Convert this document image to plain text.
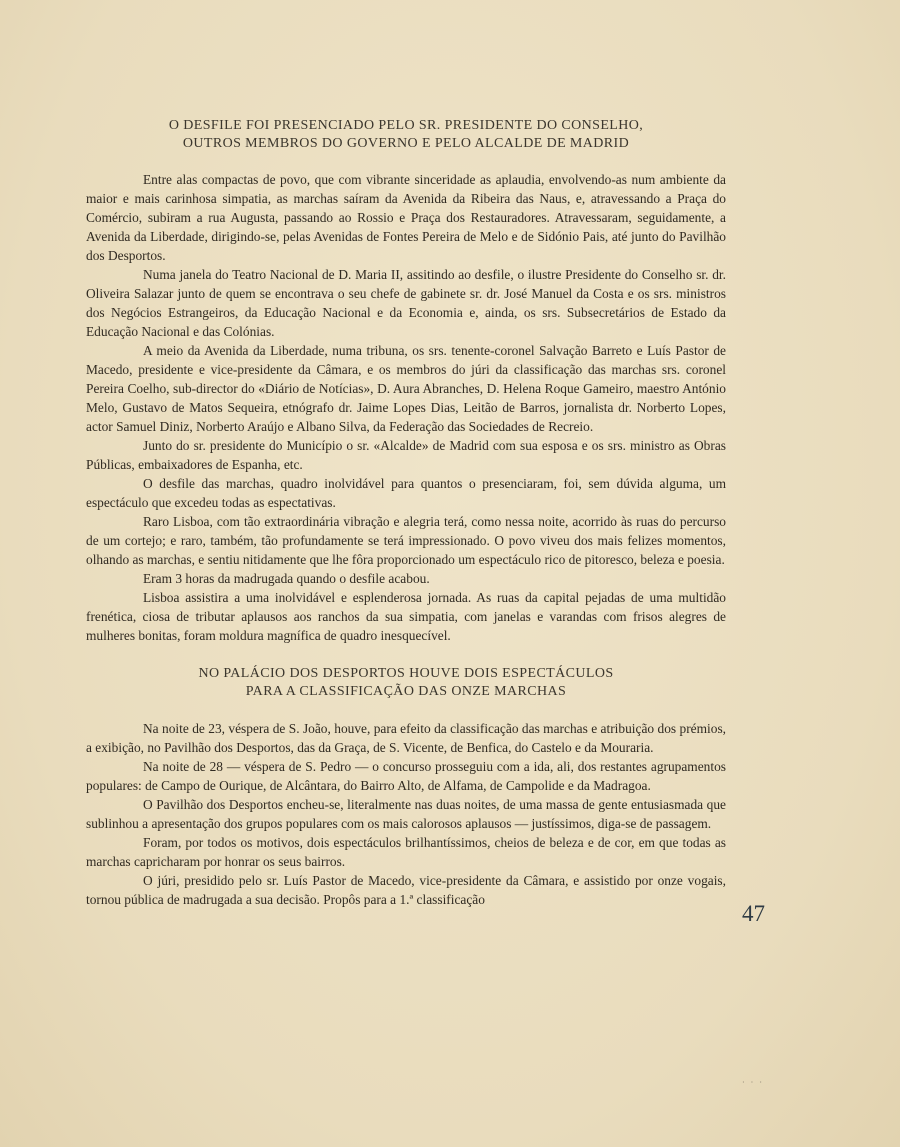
O DESFILE FOI PRESENCIADO PELO SR. PRESIDENTE DO CONSELHO,
OUTROS MEMBROS DO GOVERNO E PELO ALCALDE DE MADRID

Entre alas compactas de povo, que com vibrante sinceridade as aplaudia, envolvendo-as num ambiente da maior e mais carinhosa simpatia, as marchas saíram da Avenida da Ribeira das Naus, e, atravessando a Praça do Comércio, subiram a rua Augusta, passando ao Rossio e Praça dos Restauradores. Atravessaram, seguidamente, a Avenida da Liberdade, dirigindo-se, pelas Avenidas de Fontes Pereira de Melo e de Sidónio Pais, até junto do Pavilhão dos Desportos.

Numa janela do Teatro Nacional de D. Maria II, assitindo ao desfile, o ilustre Presidente do Conselho sr. dr. Oliveira Salazar junto de quem se encontrava o seu chefe de gabinete sr. dr. José Manuel da Costa e os srs. ministros dos Negócios Estrangeiros, da Educação Nacional e da Economia e, ainda, os srs. Subsecretários de Estado da Educação Nacional e das Colónias.

A meio da Avenida da Liberdade, numa tribuna, os srs. tenente-coronel Salvação Barreto e Luís Pastor de Macedo, presidente e vice-presidente da Câmara, e os membros do júri da classificação das marchas srs. coronel Pereira Coelho, sub-director do «Diário de Notícias», D. Aura Abranches, D. Helena Roque Gameiro, maestro António Melo, Gustavo de Matos Sequeira, etnógrafo dr. Jaime Lopes Dias, Leitão de Barros, jornalista dr. Norberto Lopes, actor Samuel Diniz, Norberto Araújo e Albano Silva, da Federação das Sociedades de Recreio.

Junto do sr. presidente do Município o sr. «Alcalde» de Madrid com sua esposa e os srs. ministro as Obras Públicas, embaixadores de Espanha, etc.

O desfile das marchas, quadro inolvidável para quantos o presenciaram, foi, sem dúvida alguma, um espectáculo que excedeu todas as espectativas.

Raro Lisboa, com tão extraordinária vibração e alegria terá, como nessa noite, acorrido às ruas do percurso de um cortejo; e raro, também, tão profundamente se terá impressionado. O povo viveu dos mais felizes momentos, olhando as marchas, e sentiu nitidamente que lhe fôra proporcionado um espectáculo rico de pitoresco, beleza e poesia.

Eram 3 horas da madrugada quando o desfile acabou.

Lisboa assistira a uma inolvidável e esplenderosa jornada. As ruas da capital pejadas de uma multidão frenética, ciosa de tributar aplausos aos ranchos da sua simpatia, com janelas e varandas com frisos alegres de mulheres bonitas, foram moldura magnífica de quadro inesquecível.

NO PALÁCIO DOS DESPORTOS HOUVE DOIS ESPECTÁCULOS
PARA A CLASSIFICAÇÃO DAS ONZE MARCHAS

Na noite de 23, véspera de S. João, houve, para efeito da classificação das marchas e atribuição dos prémios, a exibição, no Pavilhão dos Desportos, das da Graça, de S. Vicente, de Benfica, do Castelo e da Mouraria.

Na noite de 28 — véspera de S. Pedro — o concurso prosseguiu com a ida, ali, dos restantes agrupamentos populares: de Campo de Ourique, de Alcântara, do Bairro Alto, de Alfama, de Campolide e da Madragoa.

O Pavilhão dos Desportos encheu-se, literalmente nas duas noites, de uma massa de gente entusiasmada que sublinhou a apresentação dos grupos populares com os mais calorosos aplausos — justíssimos, diga-se de passagem.

Foram, por todos os motivos, dois espectáculos brilhantíssimos, cheios de beleza e de cor, em que todas as marchas capricharam por honrar os seus bairros.

O júri, presidido pelo sr. Luís Pastor de Macedo, vice-presidente da Câmara, e assistido por onze vogais, tornou pública de madrugada a sua decisão. Propôs para a 1.ª classificação

47
· · ·
